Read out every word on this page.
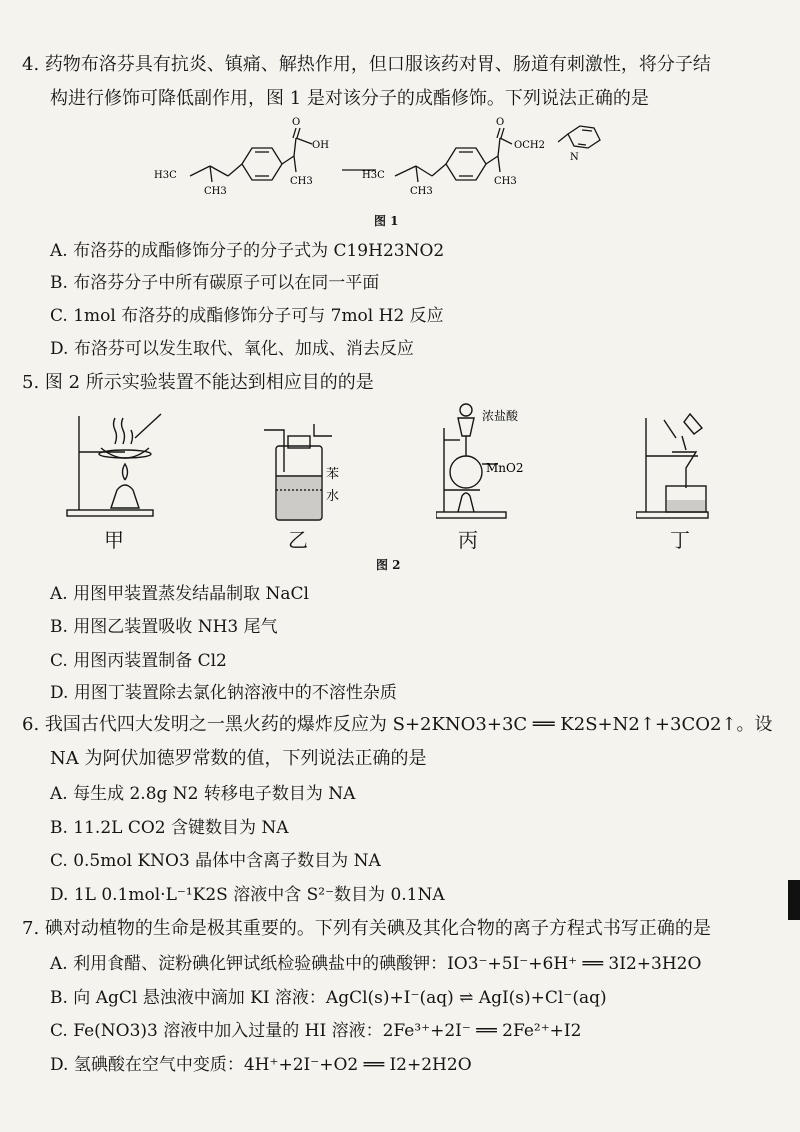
4. 药物布洛芬具有抗炎、镇痛、解热作用，但口服该药对胃、肠道有刺激性，将分子结
构进行修饰可降低副作用，图 1 是对该分子的成酯修饰。下列说法正确的是
H3C
CH3
CH3
O
OH
H3C
CH3
CH3
O
OCH2
N
图 1
A. 布洛芬的成酯修饰分子的分子式为 C19H23NO2
B. 布洛芬分子中所有碳原子可以在同一平面
C. 1mol 布洛芬的成酯修饰分子可与 7mol H2 反应
D. 布洛芬可以发生取代、氧化、加成、消去反应
5. 图 2 所示实验装置不能达到相应目的的是
苯
水
浓盐酸
MnO2
甲	乙	丙	丁
图 2
A. 用图甲装置蒸发结晶制取 NaCl
B. 用图乙装置吸收 NH3 尾气
C. 用图丙装置制备 Cl2
D. 用图丁装置除去氯化钠溶液中的不溶性杂质
6. 我国古代四大发明之一黑火药的爆炸反应为 S+2KNO3+3C ══ K2S+N2↑+3CO2↑。设
NA 为阿伏加德罗常数的值，下列说法正确的是
A. 每生成 2.8g N2 转移电子数目为 NA
B. 11.2L CO2 含键数目为 NA
C. 0.5mol KNO3 晶体中含离子数目为 NA
D. 1L 0.1mol·L⁻¹K2S 溶液中含 S²⁻数目为 0.1NA
7. 碘对动植物的生命是极其重要的。下列有关碘及其化合物的离子方程式书写正确的是
A. 利用食醋、淀粉碘化钾试纸检验碘盐中的碘酸钾：IO3⁻+5I⁻+6H⁺ ══ 3I2+3H2O
B. 向 AgCl 悬浊液中滴加 KI 溶液：AgCl(s)+I⁻(aq) ⇌ AgI(s)+Cl⁻(aq)
C. Fe(NO3)3 溶液中加入过量的 HI 溶液：2Fe³⁺+2I⁻ ══ 2Fe²⁺+I2
D. 氢碘酸在空气中变质：4H⁺+2I⁻+O2 ══ I2+2H2O
